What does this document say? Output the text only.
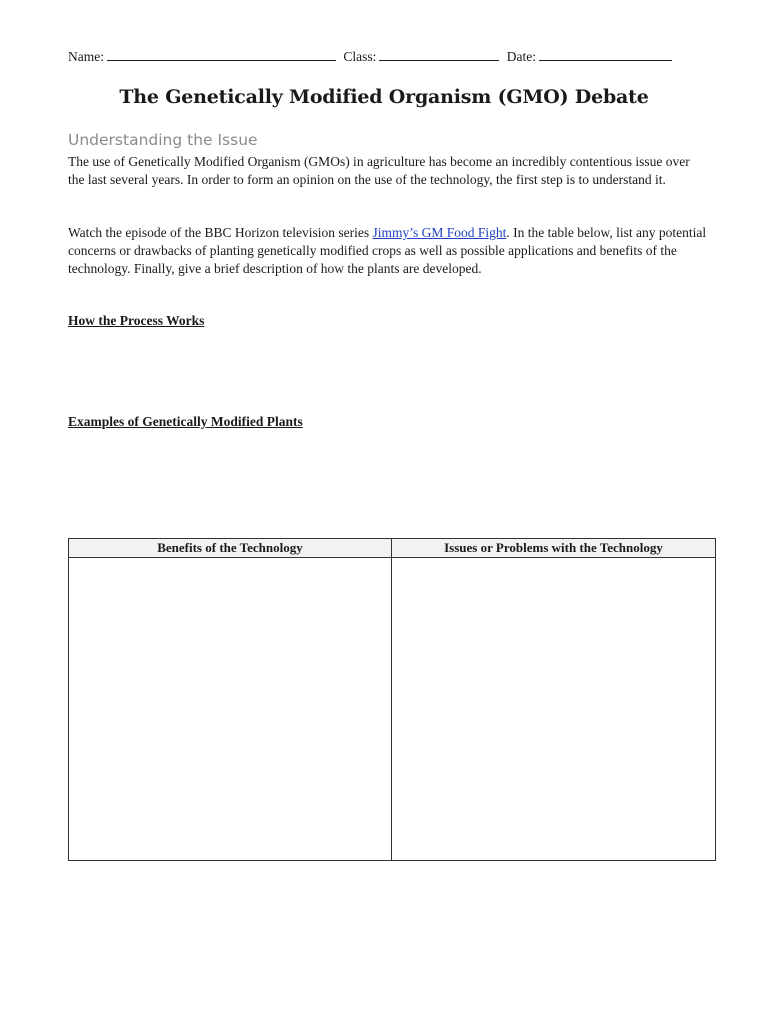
Name:	Class:	Date:
The Genetically Modified Organism (GMO) Debate
Understanding the Issue

The use of Genetically Modified Organism (GMOs) in agriculture has become an incredibly contentious issue over the last several years. In order to form an opinion on the use of the technology, the first step is to understand it.

Watch the episode of the BBC Horizon television series Jimmy’s GM Food Fight. In the table below, list any potential concerns or drawbacks of planting genetically modified crops as well as possible applications and benefits of the technology. Finally, give a brief description of how the plants are developed.

How the Process Works
Examples of Genetically Modified Plants
Benefits of the Technology	Issues or Problems with the Technology
